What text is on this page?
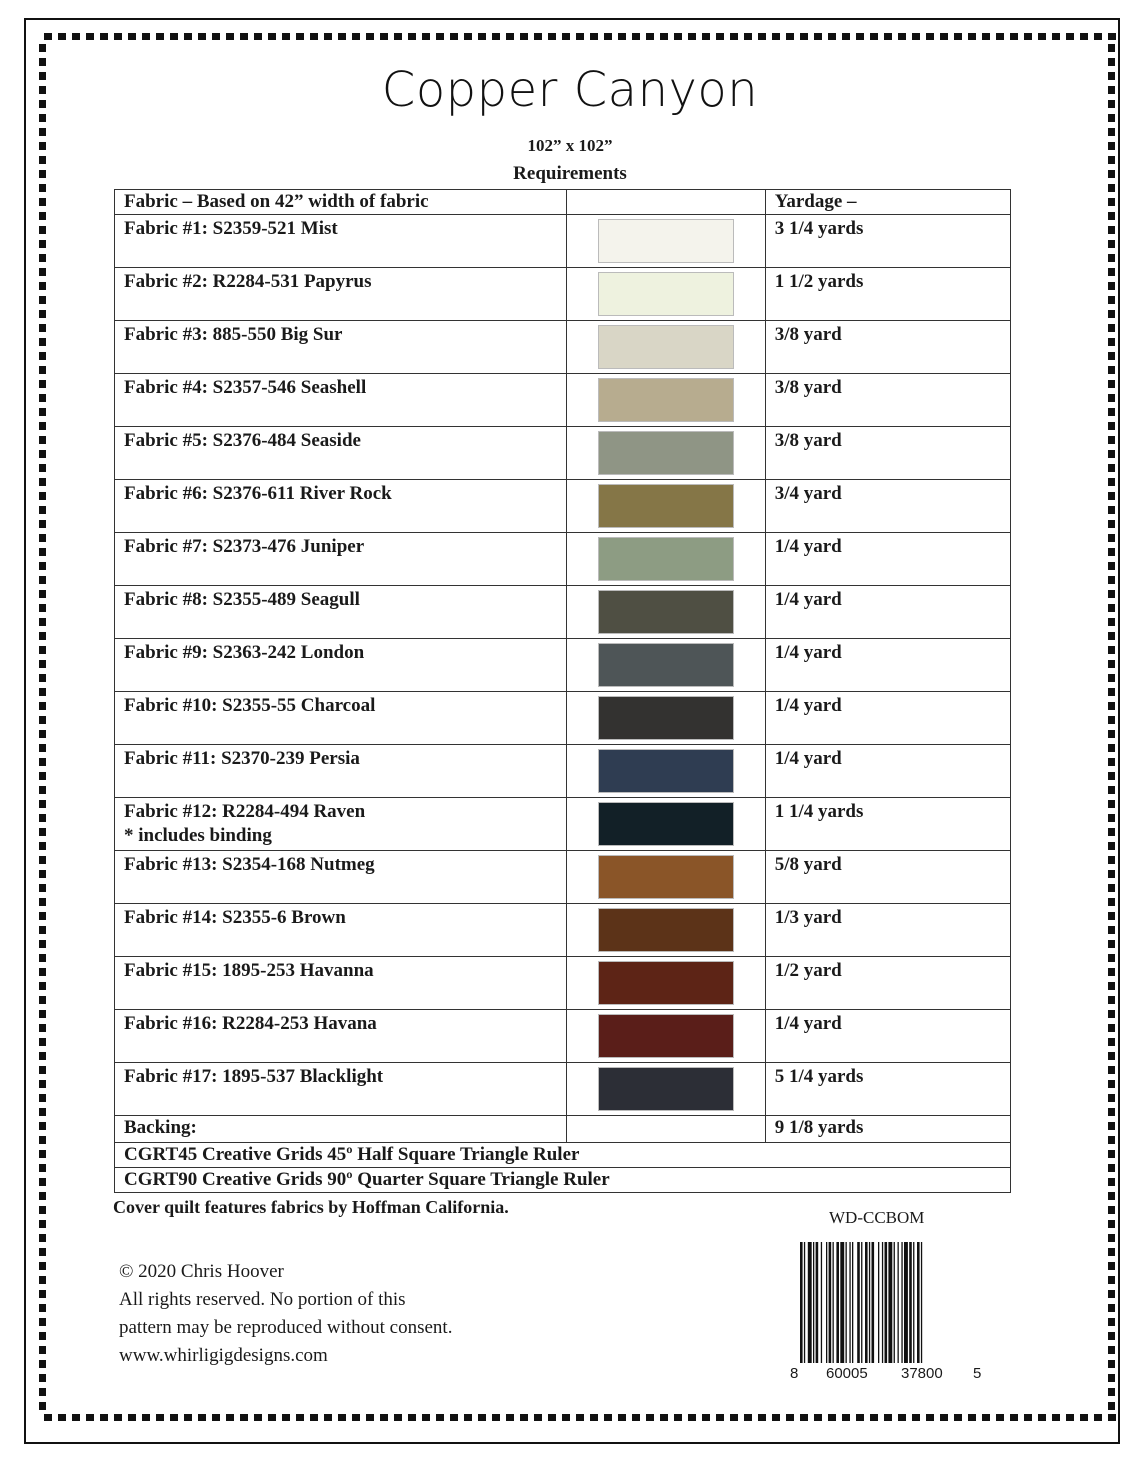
Copper Canyon
102” x 102”
Requirements
Fabric – Based on 42” width of fabric		Yardage –

Fabric #1: S2359-521 Mist		3 1/4 yards

Fabric #2: R2284-531 Papyrus		1 1/2 yards

Fabric #3: 885-550 Big Sur		3/8 yard

Fabric #4: S2357-546 Seashell		3/8 yard

Fabric #5: S2376-484 Seaside		3/8 yard

Fabric #6: S2376-611 River Rock		3/4 yard

Fabric #7: S2373-476 Juniper		1/4 yard

Fabric #8: S2355-489 Seagull		1/4 yard

Fabric #9: S2363-242 London		1/4 yard

Fabric #10: S2355-55 Charcoal		1/4 yard

Fabric #11: S2370-239 Persia		1/4 yard

Fabric #12: R2284-494 Raven
* includes binding		1 1/4 yards

Fabric #13: S2354-168 Nutmeg		5/8 yard

Fabric #14: S2355-6 Brown		1/3 yard

Fabric #15: 1895-253 Havanna		1/2 yard

Fabric #16: R2284-253 Havana		1/4 yard

Fabric #17: 1895-537 Blacklight		5 1/4 yards
Backing:		9 1/8 yards
CGRT45 Creative Grids 45º Half Square Triangle Ruler		
CGRT90 Creative Grids 90º Quarter Square Triangle Ruler		
Cover quilt features fabrics by Hoffman California.
WD-CCBOM
© 2020 Chris Hoover
All rights reserved. No portion of this
pattern may be reproduced without consent.
www.whirligigdesigns.com
8 60005 37800 5
